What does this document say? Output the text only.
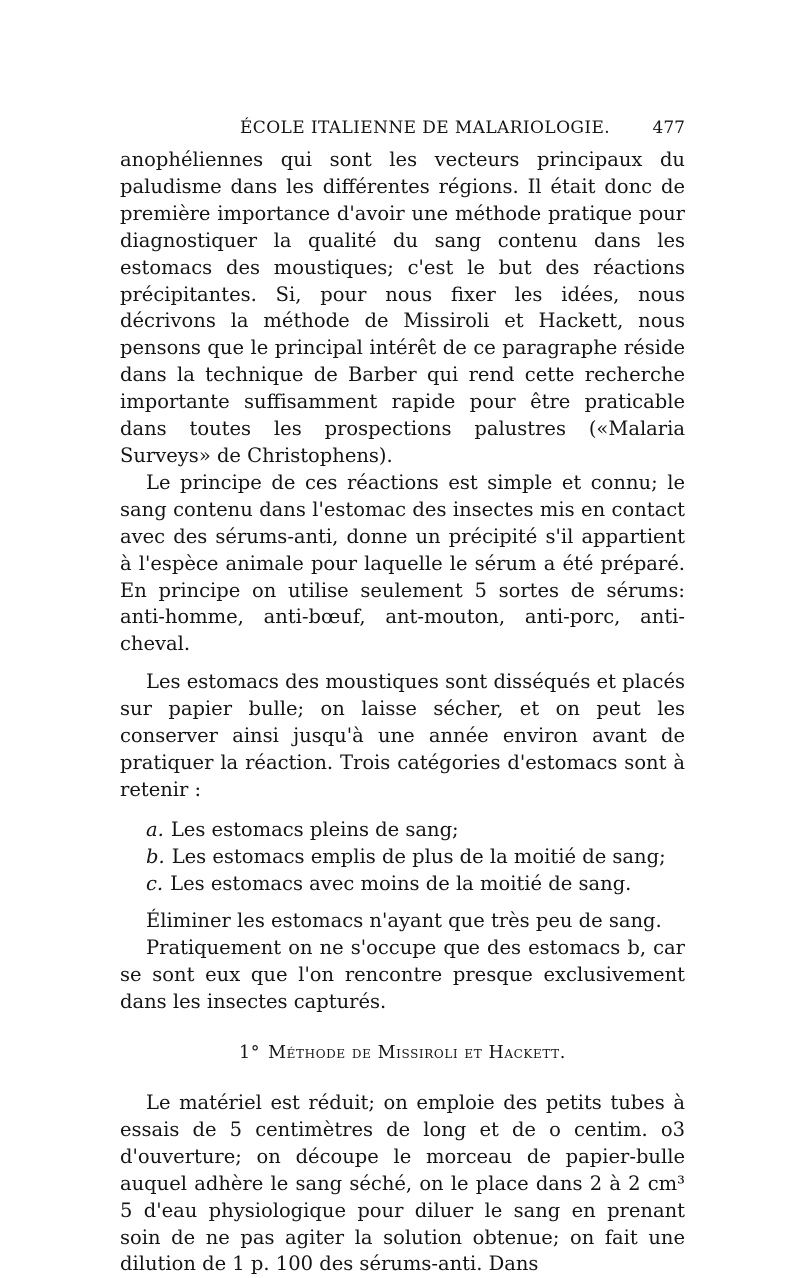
ÉCOLE ITALIENNE DE MALARIOLOGIE. 477

anophéliennes qui sont les vecteurs principaux du paludisme dans les différentes régions. Il était donc de première importance d'avoir une méthode pratique pour diagnostiquer la qualité du sang contenu dans les estomacs des moustiques; c'est le but des réactions précipitantes. Si, pour nous fixer les idées, nous décrivons la méthode de Missiroli et Hackett, nous pensons que le principal intérêt de ce paragraphe réside dans la technique de Barber qui rend cette recherche importante suffisamment rapide pour être praticable dans toutes les prospections palustres («Malaria Surveys» de Christophens).

Le principe de ces réactions est simple et connu; le sang contenu dans l'estomac des insectes mis en contact avec des sérums-anti, donne un précipité s'il appartient à l'espèce animale pour laquelle le sérum a été préparé. En principe on utilise seulement 5 sortes de sérums: anti-homme, anti-bœuf, ant-mouton, anti-porc, anti-cheval.

Les estomacs des moustiques sont disséqués et placés sur papier bulle; on laisse sécher, et on peut les conserver ainsi jusqu'à une année environ avant de pratiquer la réaction. Trois catégories d'estomacs sont à retenir :

a. Les estomacs pleins de sang;

b. Les estomacs emplis de plus de la moitié de sang;

c. Les estomacs avec moins de la moitié de sang.

Éliminer les estomacs n'ayant que très peu de sang.

Pratiquement on ne s'occupe que des estomacs b, car se sont eux que l'on rencontre presque exclusivement dans les insectes capturés.

1° Méthode de Missiroli et Hackett.

Le matériel est réduit; on emploie des petits tubes à essais de 5 centimètres de long et de o centim. o3 d'ouverture; on découpe le morceau de papier-bulle auquel adhère le sang séché, on le place dans 2 à 2 cm³ 5 d'eau physiologique pour diluer le sang en prenant soin de ne pas agiter la solution obtenue; on fait une dilution de 1 p. 100 des sérums-anti. Dans
